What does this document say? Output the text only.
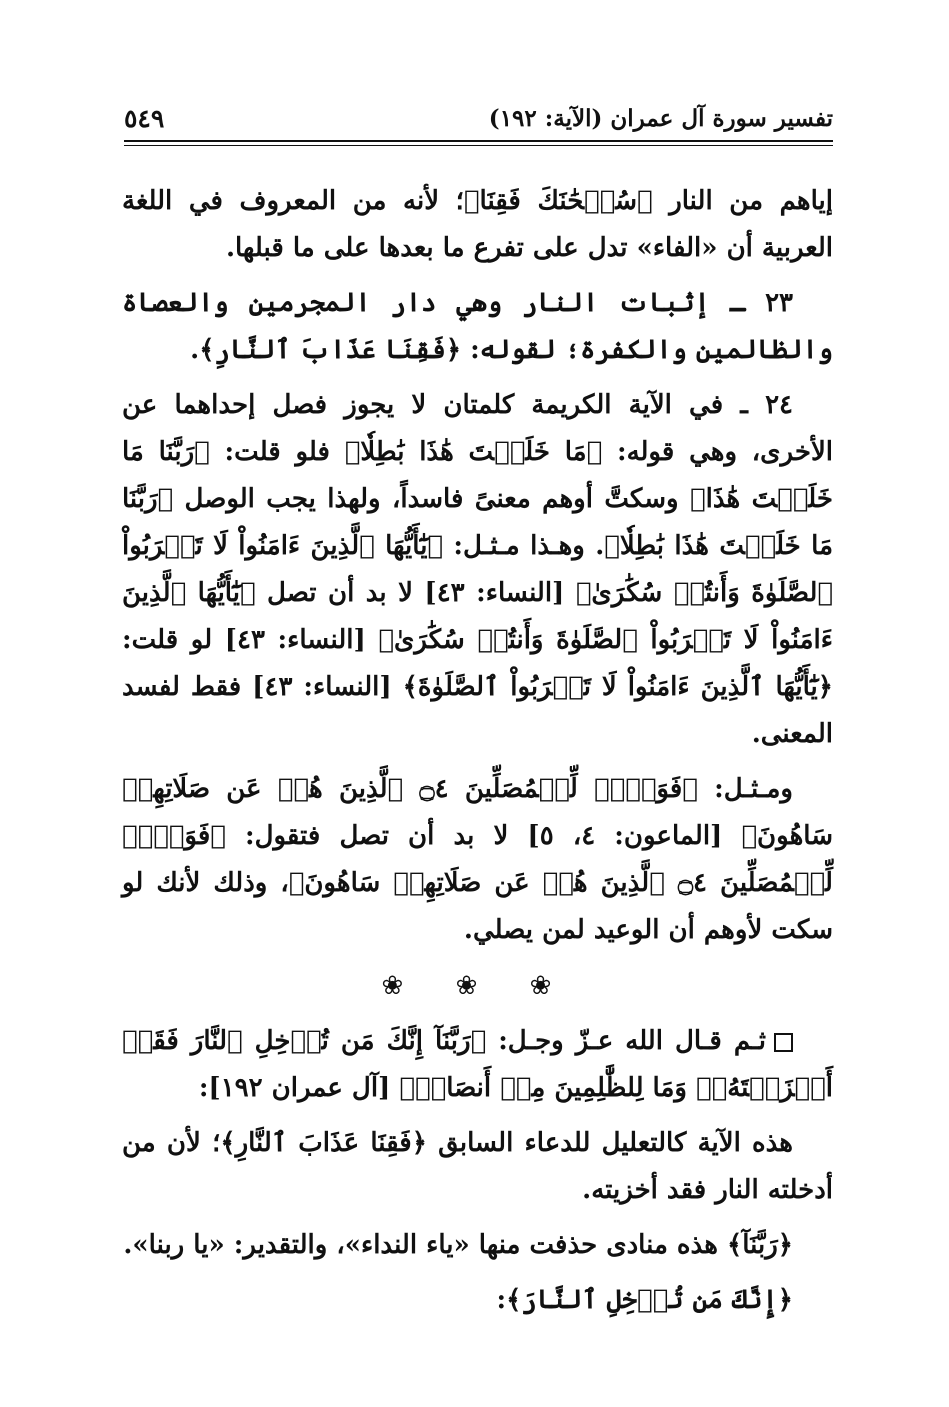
تفسير سورة آل عمران (الآية: ١٩٢)
٥٤٩

إياهم من النار ﴿سُبۡحَٰنَكَ فَقِنَا﴾؛ لأنه من المعروف في اللغة العربية أن «الفاء» تدل على تفرع ما بعدها على ما قبلها.

٢٣ ـ إثبات النار وهي دار المجرمين والعصاة والظالمين والكفرة؛ لقوله: ﴿فَقِنَا عَذَابَ ٱلنَّارِ﴾.

٢٤ ـ في الآية الكريمة كلمتان لا يجوز فصل إحداهما عن الأخرى، وهي قوله: ﴿مَا خَلَقۡتَ هَٰذَا بَٰطِلٗا﴾ فلو قلت: ﴿رَبَّنَا مَا خَلَقۡتَ هَٰذَا﴾ وسكتَّ أوهم معنىً فاسداً، ولهذا يجب الوصل ﴿رَبَّنَا مَا خَلَقۡتَ هَٰذَا بَٰطِلٗا﴾. وهـذا مـثـل: ﴿يَٰٓأَيُّهَا ٱلَّذِينَ ءَامَنُواْ لَا تَقۡرَبُواْ ٱلصَّلَوٰةَ وَأَنتُمۡ سُكَٰرَىٰ﴾ [النساء: ٤٣] لا بد أن تصل ﴿يَٰٓأَيُّهَا ٱلَّذِينَ ءَامَنُواْ لَا تَقۡرَبُواْ ٱلصَّلَوٰةَ وَأَنتُمۡ سُكَٰرَىٰ﴾ [النساء: ٤٣] لو قلت: ﴿يَٰٓأَيُّهَا ٱلَّذِينَ ءَامَنُواْ لَا تَقۡرَبُواْ ٱلصَّلَوٰةَ﴾ [النساء: ٤٣] فقط لفسد المعنى.

ومـثـل: ﴿فَوَيۡلٞ لِّلۡمُصَلِّينَ ۝٤ ٱلَّذِينَ هُمۡ عَن صَلَاتِهِمۡ سَاهُونَ﴾ [الماعون: ٤، ٥] لا بد أن تصل فتقول: ﴿فَوَيۡلٞ لِّلۡمُصَلِّينَ ۝٤ ٱلَّذِينَ هُمۡ عَن صَلَاتِهِمۡ سَاهُونَ﴾، وذلك لأنك لو سكت لأوهم أن الوعيد لمن يصلي.

❀ ❀ ❀

ثـم قـال الله عـزّ وجـل: ﴿رَبَّنَآ إِنَّكَ مَن تُدۡخِلِ ٱلنَّارَ فَقَدۡ أَخۡزَيۡتَهُۥۖ وَمَا لِلظَّٰلِمِينَ مِنۡ أَنصَارٖ﴾ [آل عمران ١٩٢]:

هذه الآية كالتعليل للدعاء السابق ﴿فَقِنَا عَذَابَ ٱلنَّارِ﴾؛ لأن من أدخلته النار فقد أخزيته.

﴿رَبَّنَآ﴾ هذه منادى حذفت منها «ياء النداء»، والتقدير: «يا ربنا».

﴿إِنَّكَ مَن تُدۡخِلِ ٱلنَّارَ﴾:
